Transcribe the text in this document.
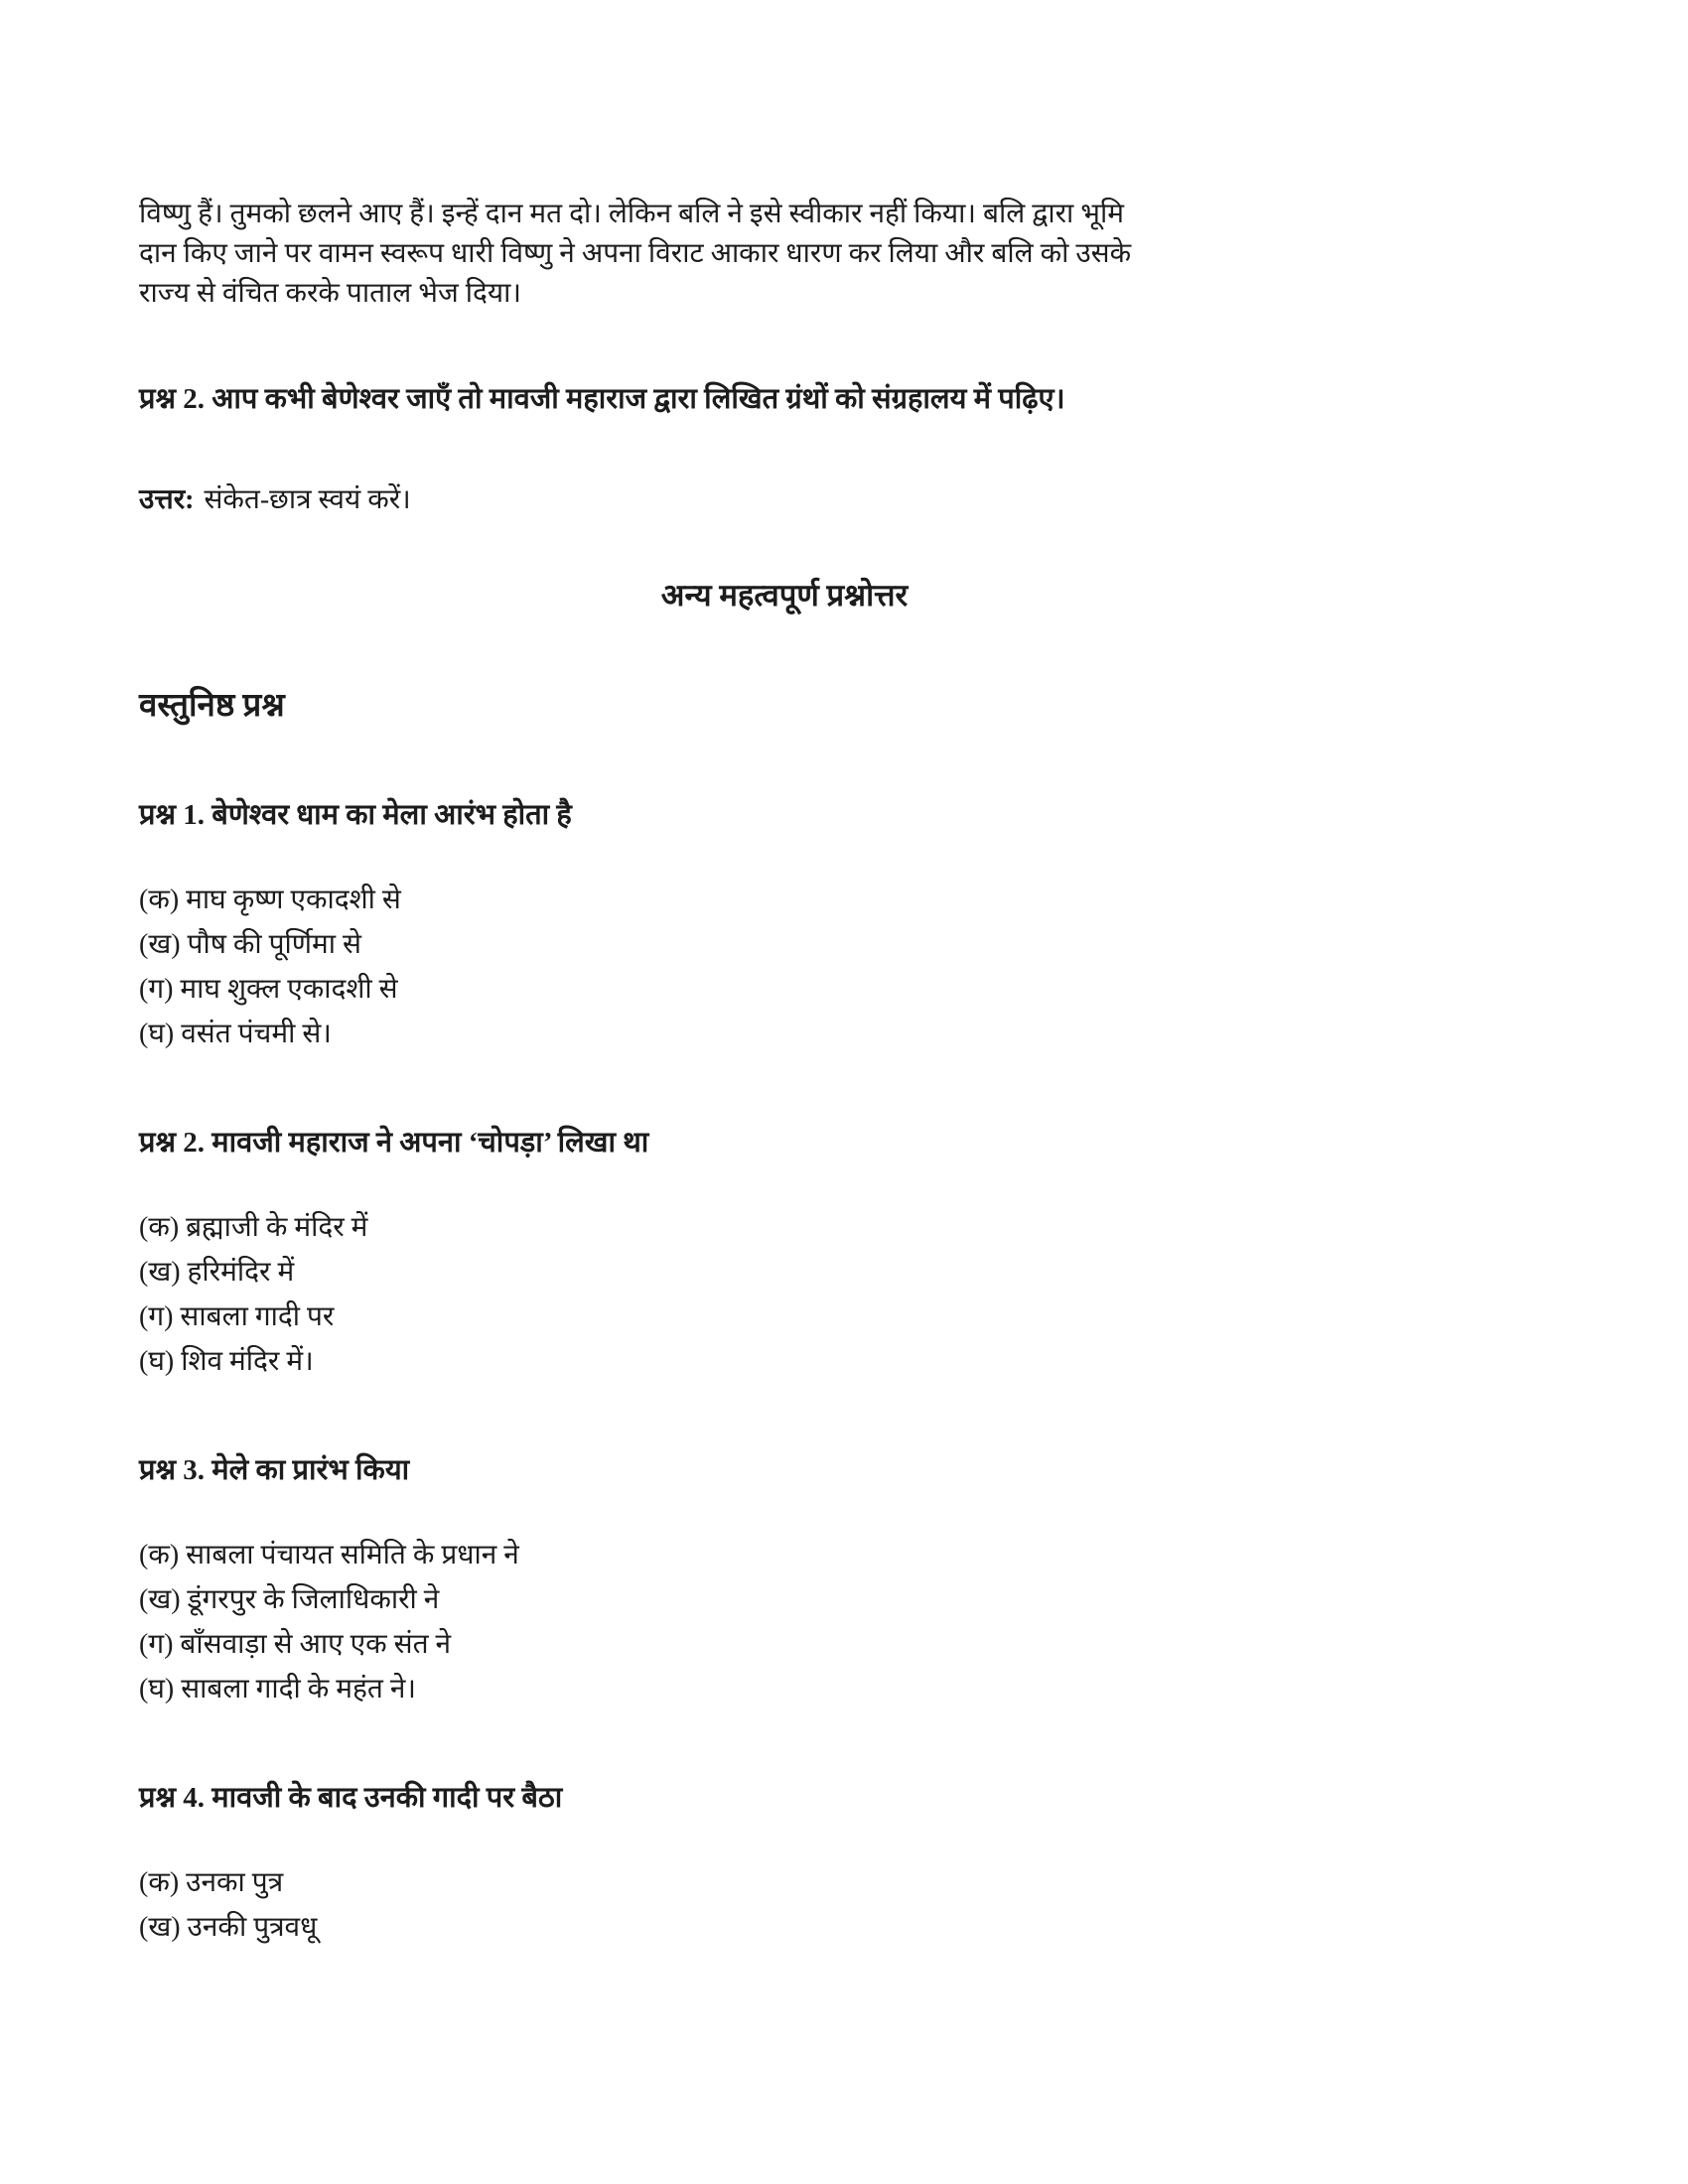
विष्णु हैं। तुमको छलने आए हैं। इन्हें दान मत दो। लेकिन बलि ने इसे स्वीकार नहीं किया। बलि द्वारा भूमि
दान किए जाने पर वामन स्वरूप धारी विष्णु ने अपना विराट आकार धारण कर लिया और बलि को उसके
राज्य से वंचित करके पाताल भेज दिया।
प्रश्न 2. आप कभी बेणेश्वर जाएँ तो मावजी महाराज द्वारा लिखित ग्रंथों को संग्रहालय में पढ़िए।
उत्तर: संकेत-छात्र स्वयं करें।
अन्य महत्वपूर्ण प्रश्नोत्तर
वस्तुनिष्ठ प्रश्न
प्रश्न 1. बेणेश्वर धाम का मेला आरंभ होता है
(क) माघ कृष्ण एकादशी से
(ख) पौष की पूर्णिमा से
(ग) माघ शुक्ल एकादशी से
(घ) वसंत पंचमी से।
प्रश्न 2. मावजी महाराज ने अपना ‘चोपड़ा’ लिखा था
(क) ब्रह्माजी के मंदिर में
(ख) हरिमंदिर में
(ग) साबला गादी पर
(घ) शिव मंदिर में।
प्रश्न 3. मेले का प्रारंभ किया
(क) साबला पंचायत समिति के प्रधान ने
(ख) डूंगरपुर के जिलाधिकारी ने
(ग) बाँसवाड़ा से आए एक संत ने
(घ) साबला गादी के महंत ने।
प्रश्न 4. मावजी के बाद उनकी गादी पर बैठा
(क) उनका पुत्र
(ख) उनकी पुत्रवधू
